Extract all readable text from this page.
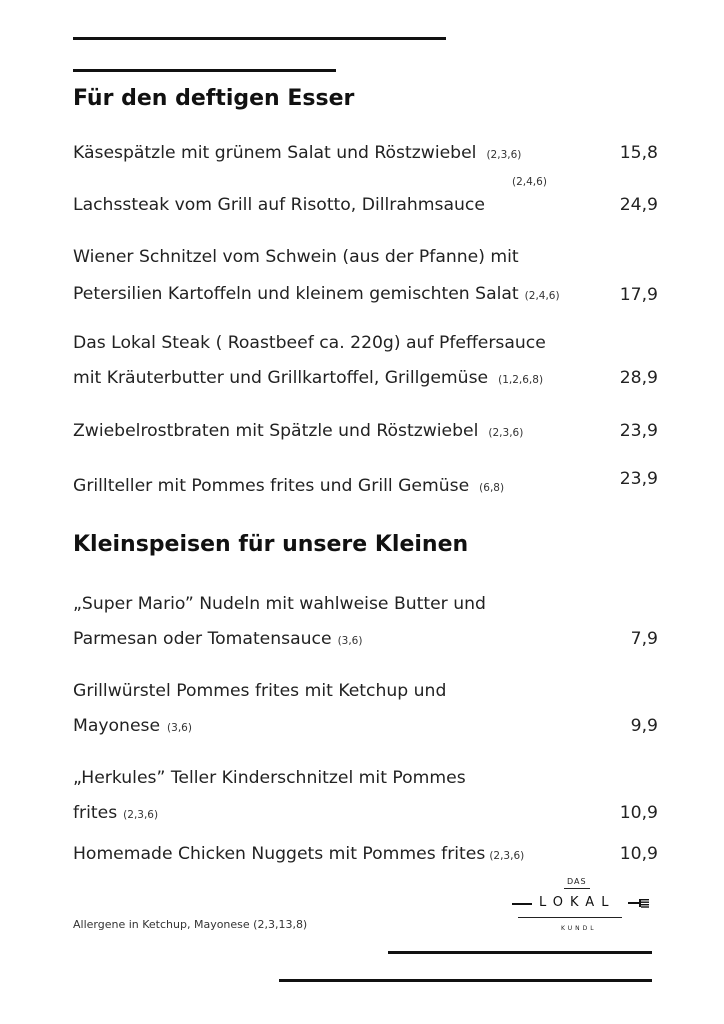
Für den deftigen Esser
Käsespätzle mit grünem Salat und Röstzwiebel (2,3,6)	15,8
(2,4,6)
Lachssteak vom Grill auf Risotto, Dillrahmsauce	24,9
Wiener Schnitzel vom Schwein (aus der Pfanne) mit
Petersilien Kartoffeln und kleinem gemischten Salat (2,4,6)	17,9
Das Lokal Steak ( Roastbeef ca. 220g) auf Pfeffersauce
mit Kräuterbutter und Grillkartoffel, Grillgemüse (1,2,6,8)	28,9
Zwiebelrostbraten mit Spätzle und Röstzwiebel (2,3,6)	23,9
Grillteller mit Pommes frites und Grill Gemüse (6,8)	23,9
Kleinspeisen für unsere Kleinen
„Super Mario” Nudeln mit wahlweise Butter und
Parmesan oder Tomatensauce (3,6)	7,9
Grillwürstel Pommes frites mit Ketchup und
Mayonese (3,6)	9,9
„Herkules” Teller Kinderschnitzel mit Pommes
frites (2,3,6)	10,9
Homemade Chicken Nuggets mit Pommes frites (2,3,6)	10,9
Allergene in Ketchup, Mayonese (2,3,13,8)
DAS
LOKAL
KUNDL
